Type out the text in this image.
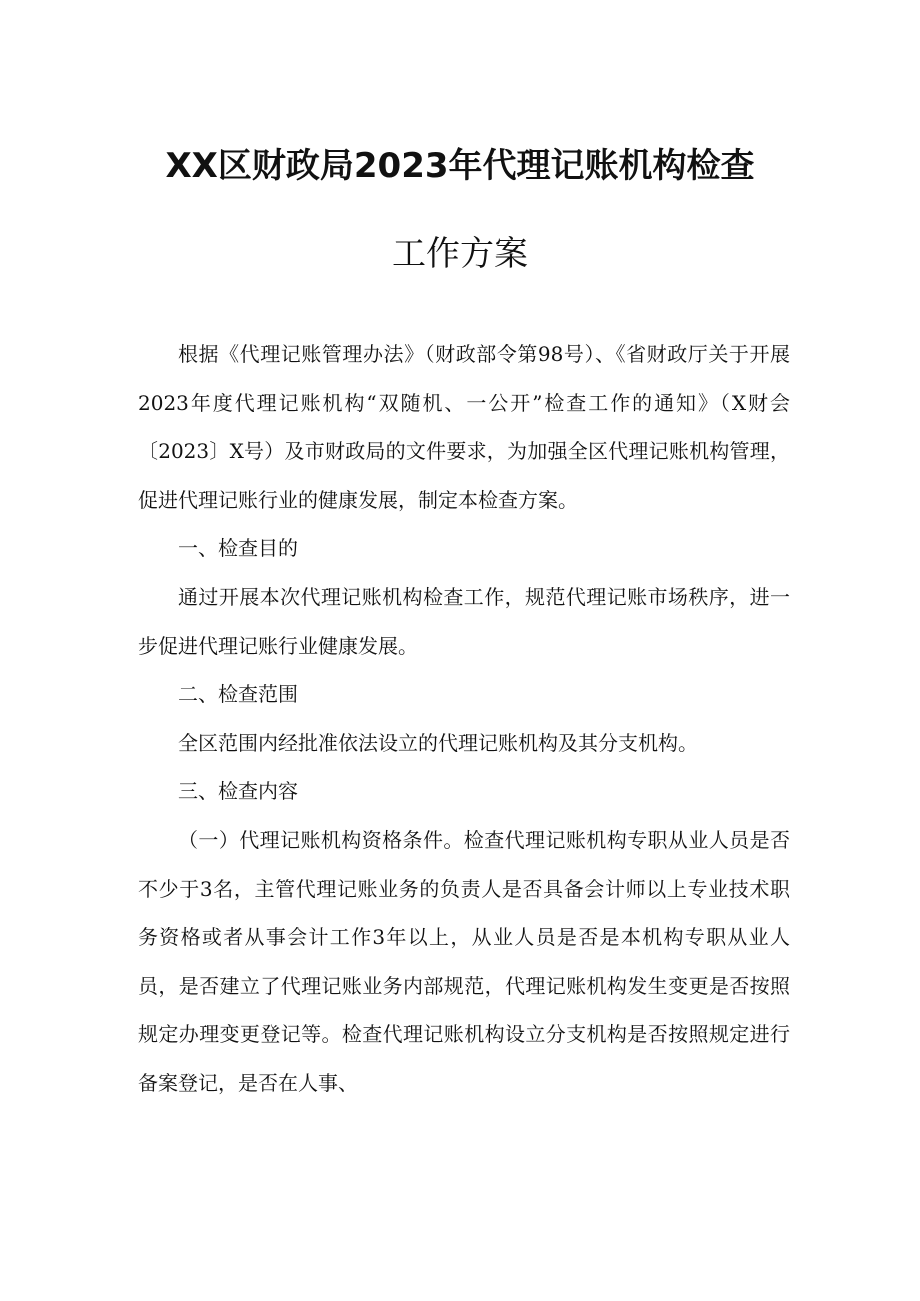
XX区财政局2023年代理记账机构检查
工作方案

根据《代理记账管理办法》（财政部令第98号）、《省财政厅关于开展2023年度代理记账机构“双随机、一公开”检查工作的通知》（X财会〔2023〕X号）及市财政局的文件要求，为加强全区代理记账机构管理，促进代理记账行业的健康发展，制定本检查方案。

一、检查目的

通过开展本次代理记账机构检查工作，规范代理记账市场秩序，进一步促进代理记账行业健康发展。

二、检查范围

全区范围内经批准依法设立的代理记账机构及其分支机构。

三、检查内容

（一）代理记账机构资格条件。检查代理记账机构专职从业人员是否不少于3名，主管代理记账业务的负责人是否具备会计师以上专业技术职务资格或者从事会计工作3年以上，从业人员是否是本机构专职从业人员，是否建立了代理记账业务内部规范，代理记账机构发生变更是否按照规定办理变更登记等。检查代理记账机构设立分支机构是否按照规定进行备案登记，是否在人事、
